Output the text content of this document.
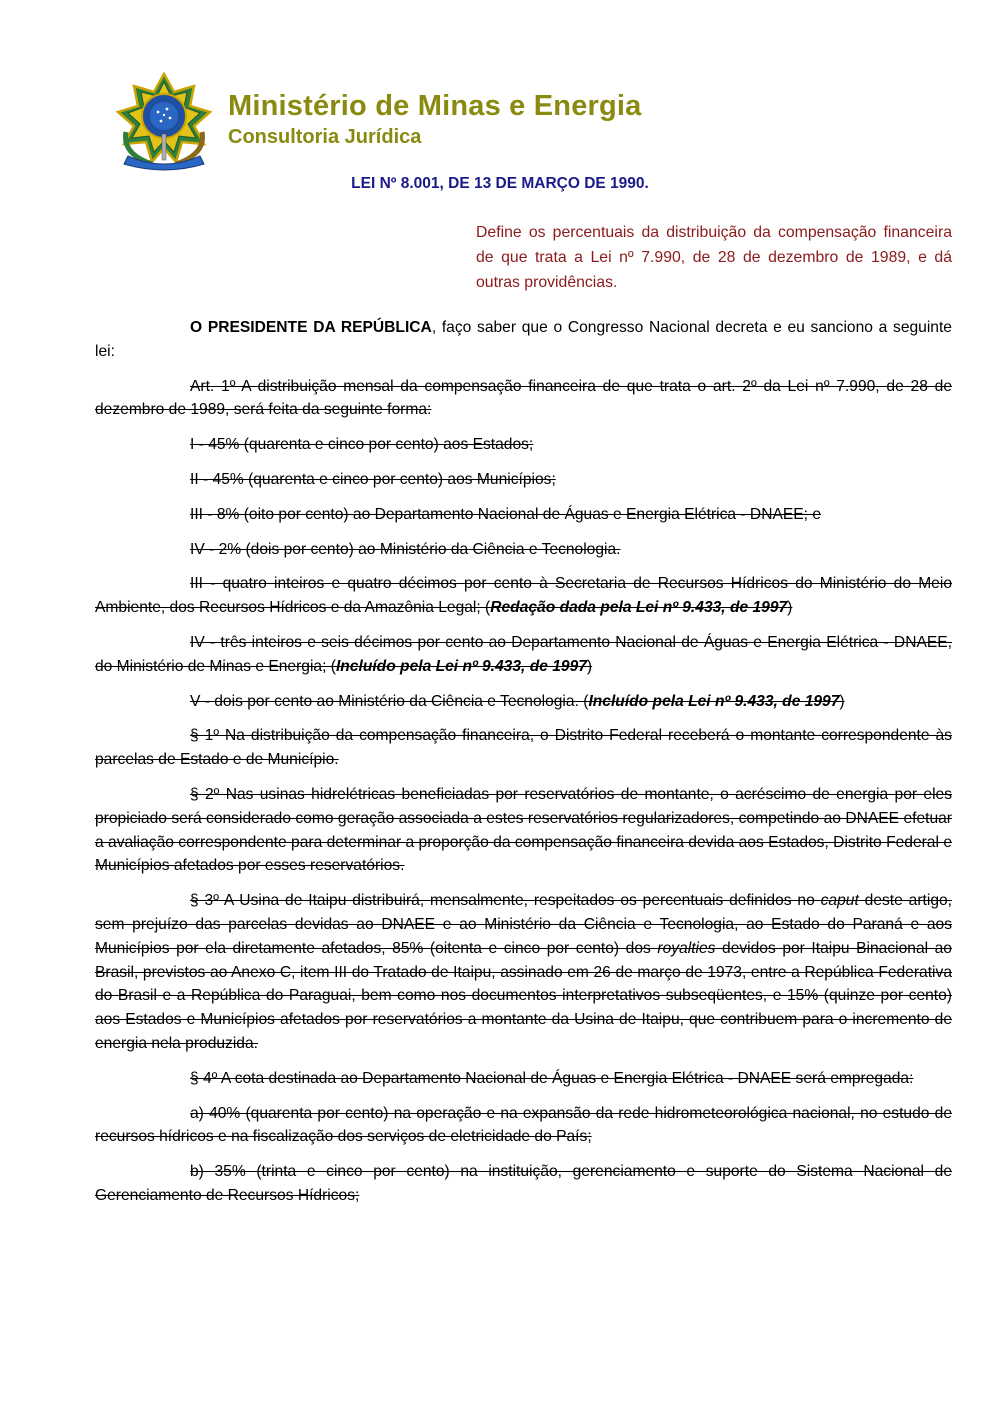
Ministério de Minas e Energia
Consultoria Jurídica
LEI Nº 8.001, DE 13 DE MARÇO DE 1990.
Define os percentuais da distribuição da compensação financeira de que trata a Lei nº 7.990, de 28 de dezembro de 1989, e dá outras providências.

O PRESIDENTE DA REPÚBLICA, faço saber que o Congresso Nacional decreta e eu sanciono a seguinte lei:

Art. 1º A distribuição mensal da compensação financeira de que trata o art. 2º da Lei nº 7.990, de 28 de dezembro de 1989, será feita da seguinte forma:

I - 45% (quarenta e cinco por cento) aos Estados;

II - 45% (quarenta e cinco por cento) aos Municípios;

III - 8% (oito por cento) ao Departamento Nacional de Águas e Energia Elétrica - DNAEE; e

IV - 2% (dois por cento) ao Ministério da Ciência e Tecnologia.

III - quatro inteiros e quatro décimos por cento à Secretaria de Recursos Hídricos do Ministério do Meio Ambiente, dos Recursos Hídricos e da Amazônia Legal; (Redação dada pela Lei nº 9.433, de 1997)

IV - três inteiros e seis décimos por cento ao Departamento Nacional de Águas e Energia Elétrica - DNAEE, do Ministério de Minas e Energia; (Incluído pela Lei nº 9.433, de 1997)

V - dois por cento ao Ministério da Ciência e Tecnologia. (Incluído pela Lei nº 9.433, de 1997)

§ 1º Na distribuição da compensação financeira, o Distrito Federal receberá o montante correspondente às parcelas de Estado e de Município.

§ 2º Nas usinas hidrelétricas beneficiadas por reservatórios de montante, o acréscimo de energia por eles propiciado será considerado como geração associada a estes reservatórios regularizadores, competindo ao DNAEE efetuar a avaliação correspondente para determinar a proporção da compensação financeira devida aos Estados, Distrito Federal e Municípios afetados por esses reservatórios.

§ 3º A Usina de Itaipu distribuirá, mensalmente, respeitados os percentuais definidos no caput deste artigo, sem prejuízo das parcelas devidas ao DNAEE e ao Ministério da Ciência e Tecnologia, ao Estado do Paraná e aos Municípios por ela diretamente afetados, 85% (oitenta e cinco por cento) dos royalties devidos por Itaipu Binacional ao Brasil, previstos ao Anexo C, item III do Tratado de Itaipu, assinado em 26 de março de 1973, entre a República Federativa do Brasil e a República do Paraguai, bem como nos documentos interpretativos subseqüentes, e 15% (quinze por cento) aos Estados e Municípios afetados por reservatórios a montante da Usina de Itaipu, que contribuem para o incremento de energia nela produzida.

§ 4º A cota destinada ao Departamento Nacional de Águas e Energia Elétrica - DNAEE será empregada:

a) 40% (quarenta por cento) na operação e na expansão da rede hidrometeorológica nacional, no estudo de recursos hídricos e na fiscalização dos serviços de eletricidade do País;

b) 35% (trinta e cinco por cento) na instituição, gerenciamento e suporte do Sistema Nacional de Gerenciamento de Recursos Hídricos;
